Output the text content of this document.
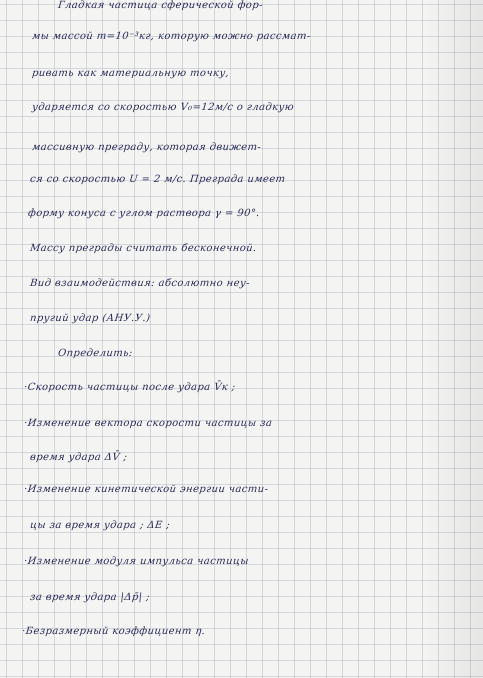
Гладкая частица сферической фор-
мы массой m=10⁻³кг, которую можно рассмат-
ривать как материальную точку,
ударяется со скоростью V₀=12м/с о гладкую
массивную преграду, которая движет-
ся со скоростью U = 2 м/с. Преграда имеет
форму конуса с углом раствора γ = 90°.
Массу преграды считать бесконечной.
Вид взаимодействия: абсолютно неу-
пругий удар (АНУ.У.)
Определить:
·Скорость частицы после удара V̄к ;
·Изменение вектора скорости частицы за
время удара ΔV̄ ;
·Изменение кинетической энергии части-
цы за время удара ; ΔE ;
·Изменение модуля импульса частицы
за время удара |Δp̄| ;
·Безразмерный коэффициент η.
